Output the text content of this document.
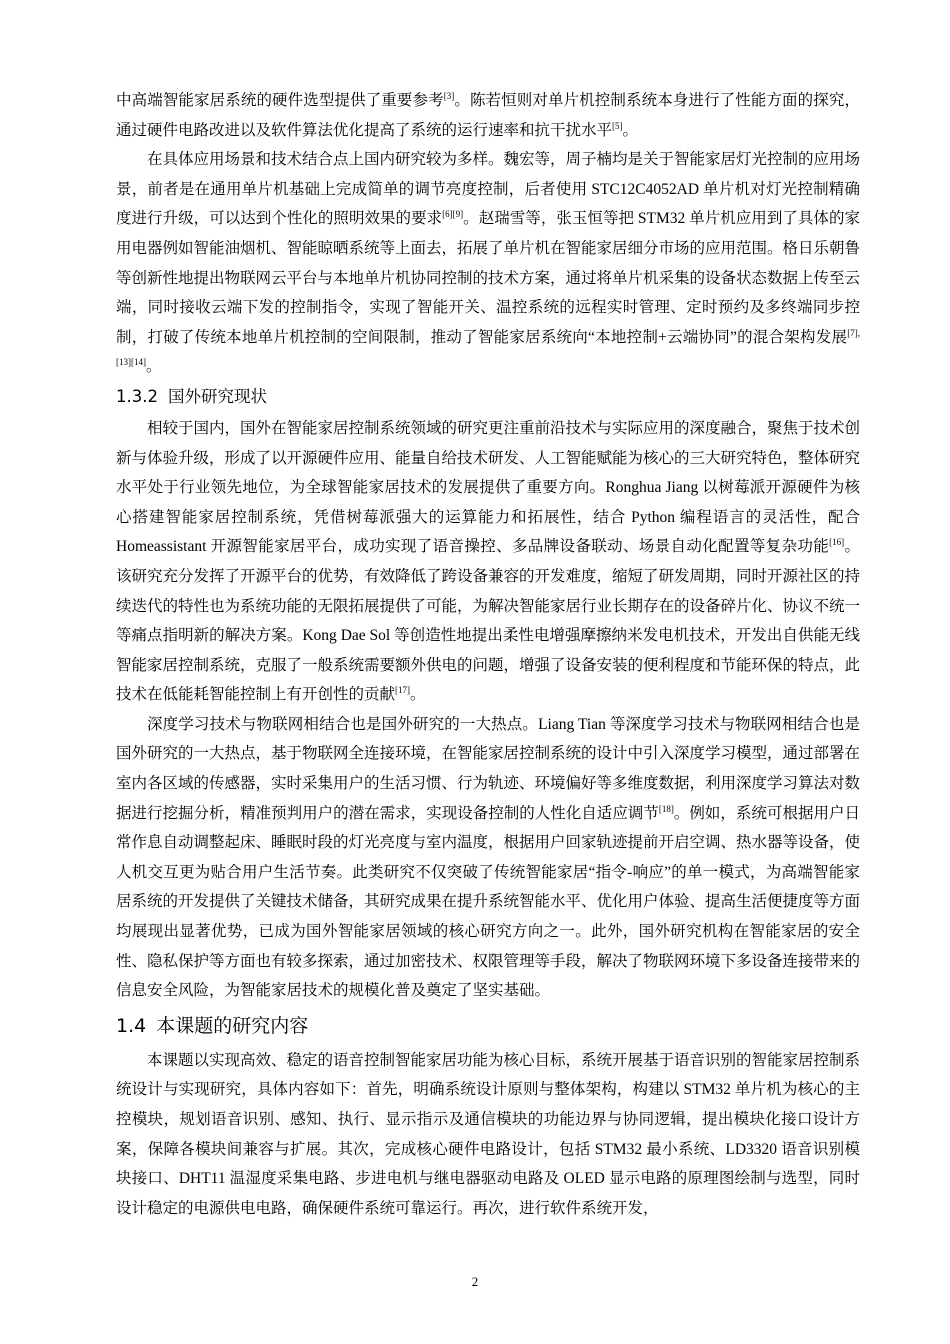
中高端智能家居系统的硬件选型提供了重要参考[3]。陈若恒则对单片机控制系统本身进行了性能方面的探究，通过硬件电路改进以及软件算法优化提高了系统的运行速率和抗干扰水平[5]。

在具体应用场景和技术结合点上国内研究较为多样。魏宏等，周子楠均是关于智能家居灯光控制的应用场景，前者是在通用单片机基础上完成简单的调节亮度控制，后者使用 STC12C4052AD 单片机对灯光控制精确度进行升级，可以达到个性化的照明效果的要求[6][9]。赵瑞雪等，张玉恒等把 STM32 单片机应用到了具体的家用电器例如智能油烟机、智能晾晒系统等上面去，拓展了单片机在智能家居细分市场的应用范围。格日乐朝鲁等创新性地提出物联网云平台与本地单片机协同控制的技术方案，通过将单片机采集的设备状态数据上传至云端，同时接收云端下发的控制指令，实现了智能开关、温控系统的远程实时管理、定时预约及多终端同步控制，打破了传统本地单片机控制的空间限制，推动了智能家居系统向“本地控制+云端协同”的混合架构发展[7],[13][14]。

1.3.2 国外研究现状

相较于国内，国外在智能家居控制系统领域的研究更注重前沿技术与实际应用的深度融合，聚焦于技术创新与体验升级，形成了以开源硬件应用、能量自给技术研发、人工智能赋能为核心的三大研究特色，整体研究水平处于行业领先地位，为全球智能家居技术的发展提供了重要方向。Ronghua Jiang 以树莓派开源硬件为核心搭建智能家居控制系统，凭借树莓派强大的运算能力和拓展性，结合 Python 编程语言的灵活性，配合 Homeassistant 开源智能家居平台，成功实现了语音操控、多品牌设备联动、场景自动化配置等复杂功能[16]。该研究充分发挥了开源平台的优势，有效降低了跨设备兼容的开发难度，缩短了研发周期，同时开源社区的持续迭代的特性也为系统功能的无限拓展提供了可能，为解决智能家居行业长期存在的设备碎片化、协议不统一等痛点指明新的解决方案。Kong Dae Sol 等创造性地提出柔性电增强摩擦纳米发电机技术，开发出自供能无线智能家居控制系统，克服了一般系统需要额外供电的问题，增强了设备安装的便利程度和节能环保的特点，此技术在低能耗智能控制上有开创性的贡献[17]。

深度学习技术与物联网相结合也是国外研究的一大热点。Liang Tian 等深度学习技术与物联网相结合也是国外研究的一大热点，基于物联网全连接环境，在智能家居控制系统的设计中引入深度学习模型，通过部署在室内各区域的传感器，实时采集用户的生活习惯、行为轨迹、环境偏好等多维度数据，利用深度学习算法对数据进行挖掘分析，精准预判用户的潜在需求，实现设备控制的人性化自适应调节[18]。例如，系统可根据用户日常作息自动调整起床、睡眠时段的灯光亮度与室内温度，根据用户回家轨迹提前开启空调、热水器等设备，使人机交互更为贴合用户生活节奏。此类研究不仅突破了传统智能家居“指令-响应”的单一模式，为高端智能家居系统的开发提供了关键技术储备，其研究成果在提升系统智能水平、优化用户体验、提高生活便捷度等方面均展现出显著优势，已成为国外智能家居领域的核心研究方向之一。此外，国外研究机构在智能家居的安全性、隐私保护等方面也有较多探索，通过加密技术、权限管理等手段，解决了物联网环境下多设备连接带来的信息安全风险，为智能家居技术的规模化普及奠定了坚实基础。

1.4 本课题的研究内容

本课题以实现高效、稳定的语音控制智能家居功能为核心目标，系统开展基于语音识别的智能家居控制系统设计与实现研究，具体内容如下：首先，明确系统设计原则与整体架构，构建以 STM32 单片机为核心的主控模块，规划语音识别、感知、执行、显示指示及通信模块的功能边界与协同逻辑，提出模块化接口设计方案，保障各模块间兼容与扩展。其次，完成核心硬件电路设计，包括 STM32 最小系统、LD3320 语音识别模块接口、DHT11 温湿度采集电路、步进电机与继电器驱动电路及 OLED 显示电路的原理图绘制与选型，同时设计稳定的电源供电电路，确保硬件系统可靠运行。再次，进行软件系统开发，

2
